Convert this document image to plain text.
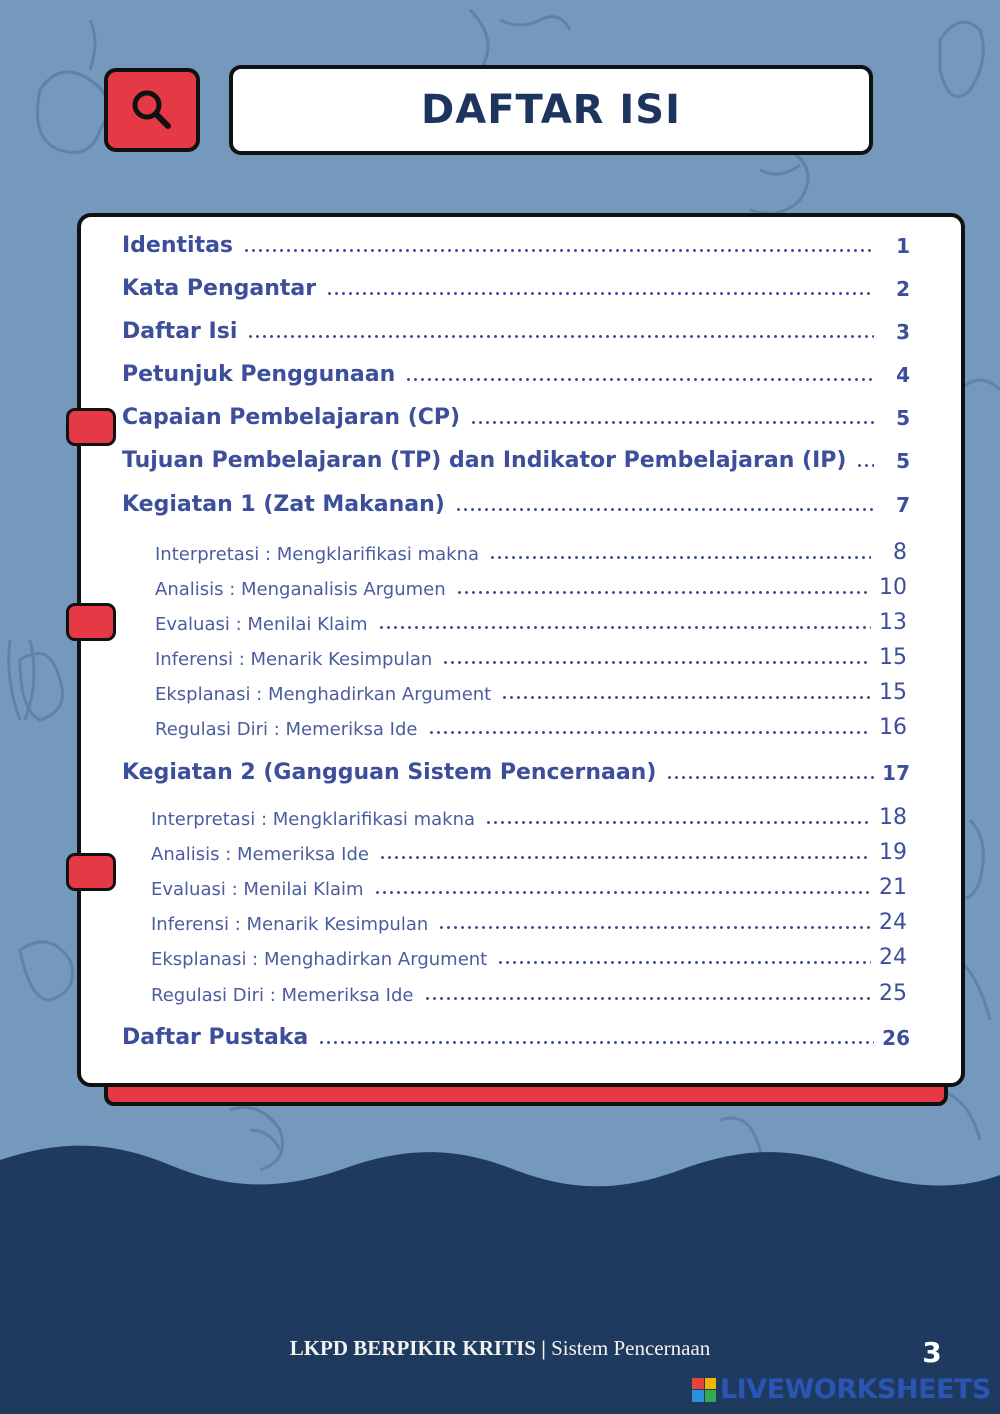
DAFTAR ISI
Identitas	1
Kata Pengantar	2
Daftar Isi	3
Petunjuk Penggunaan	4
Capaian Pembelajaran (CP)	5
Tujuan Pembelajaran (TP) dan Indikator Pembelajaran (IP)	5
Kegiatan 1 (Zat Makanan)	7
Interpretasi : Mengklarifikasi makna	8
Analisis : Menganalisis Argumen	10
Evaluasi : Menilai Klaim	13
Inferensi : Menarik Kesimpulan	15
Eksplanasi : Menghadirkan Argument	15
Regulasi Diri : Memeriksa Ide	16
Kegiatan 2 (Gangguan Sistem Pencernaan)	17
Interpretasi : Mengklarifikasi makna	18
Analisis : Memeriksa Ide	19
Evaluasi : Menilai Klaim	21
Inferensi : Menarik Kesimpulan	24
Eksplanasi : Menghadirkan Argument	24
Regulasi Diri : Memeriksa Ide	25
Daftar Pustaka	26
LKPD BERPIKIR KRITIS | Sistem Pencernaan	3
LIVEWORKSHEETS
